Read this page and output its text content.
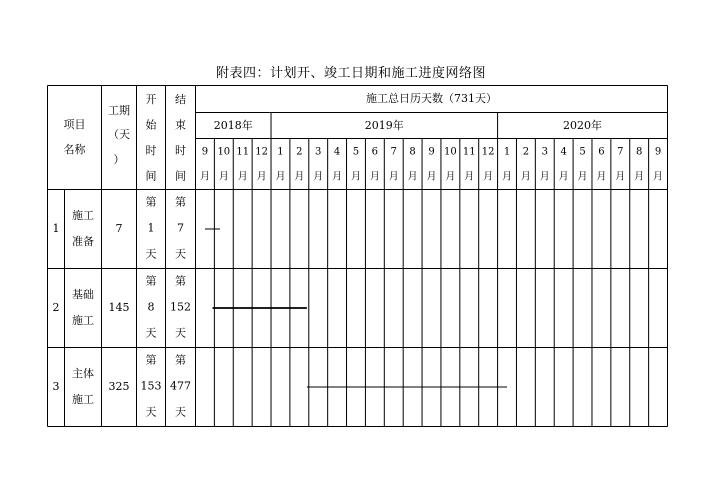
附表四：计划开、竣工日期和施工进度网络图
项目
名称
工期
（天
）
开
始
时
间
结
束
时
间
施工总日历天数（731天）
2018年	2019年	2020年
9
月
10
月
11
月
12
月
1
月
2
月
3
月
4
月
5
月
6
月
7
月
8
月
9
月
10
月
11
月
12
月
1
月
2
月
3
月
4
月
5
月
6
月
7
月
8
月
9
月
1
施工
准备
7
第
1
天
第
7
天
2
基础
施工
145
第
8
天
第
152
天
3
主体
施工
325
第
153
天
第
477
天
